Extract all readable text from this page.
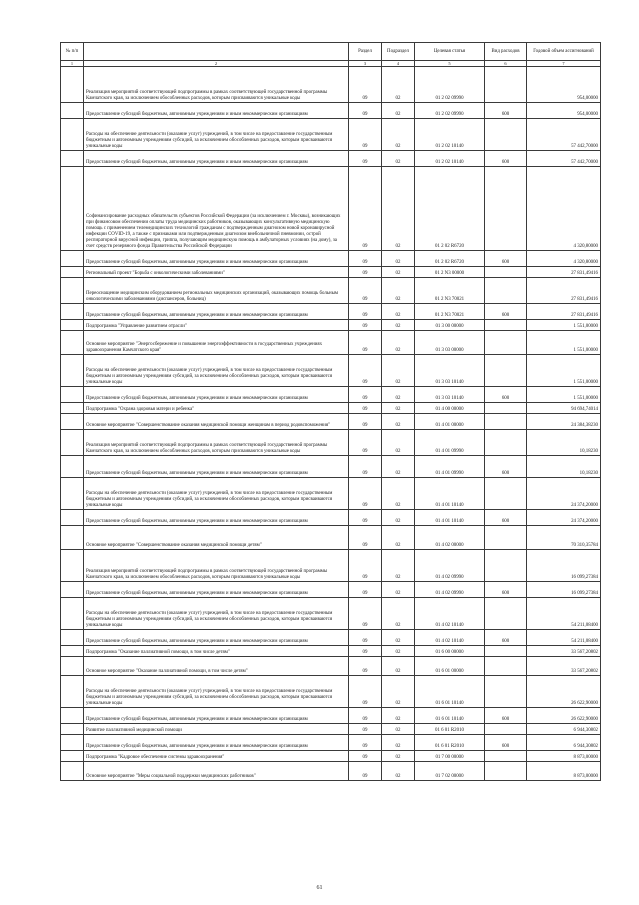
№ п/п		Раздел	Подраздел	Целевая статья	Вид расходов	Годовой объем ассигнований
1	2	3	4	5	6	7
	Реализация мероприятий соответствующей подпрограммы в рамках соответствующей государственной программы Камчатского края, за исключением обособленных расходов, которым присваиваются уникальные коды	09	02	01 2 02 09990		954,00000
	Предоставление субсидий бюджетным, автономным учреждениям и иным некоммерческим организациям	09	02	01 2 02 09990	600	954,00000
	Расходы на обеспечение деятельности (оказание услуг) учреждений, в том числе на предоставление государственным бюджетным и автономным учреждениям субсидий, за исключением обособленных расходов, которым присваиваются уникальные коды	09	02	01 2 02 10140		57 442,70000
	Предоставление субсидий бюджетным, автономным учреждениям и иным некоммерческим организациям	09	02	01 2 02 10140	600	57 442,70000
	Софинансирование расходных обязательств субъектов Российской Федерации (за исключением г. Москвы), возникающих при финансовом обеспечении оплаты труда медицинских работников, оказывающих консультативную медицинскую помощь с применением телемедицинских технологий гражданам с подтвержденным диагнозом новой коронавирусной инфекции COVID-19, а также с признаками или подтвержденным диагнозом внебольничной пневмонии, острой респираторной вирусной инфекции, гриппа, получающим медицинскую помощь в амбулаторных условиях (на дому), за счет средств резервного фонда Правительства Российской Федерации	09	02	01 2 02 R6720		4 320,80000
	Предоставление субсидий бюджетным, автономным учреждениям и иным некоммерческим организациям	09	02	01 2 02 R6720	600	4 320,80000
	Региональный проект "Борьба с онкологическими заболеваниями"	09	02	01 2 N3 00000		27 831,49416
	Переоснащение медицинским оборудованием региональных медицинских организаций, оказывающих помощь больным онкологическими заболеваниями (диспансеров, больниц)	09	02	01 2 N3 70021		27 831,49416
	Предоставление субсидий бюджетным, автономным учреждениям и иным некоммерческим организациям	09	02	01 2 N3 70021	600	27 831,49416
	Подпрограмма "Управление развитием отрасли"	09	02	01 3 00 00000		1 551,00000
	Основное мероприятие "Энергосбережение и повышение энергоэффективности в государственных учреждениях здравоохранения Камчатского края"	09	02	01 3 03 00000		1 551,00000
	Расходы на обеспечение деятельности (оказание услуг) учреждений, в том числе на предоставление государственным бюджетным и автономным учреждениям субсидий, за исключением обособленных расходов, которым присваиваются уникальные коды	09	02	01 3 03 10140		1 551,00000
	Предоставление субсидий бюджетным, автономным учреждениям и иным некоммерческим организациям	09	02	01 3 03 10140	600	1 551,00000
	Подпрограмма "Охрана здоровья матери и ребенка"	09	02	01 4 00 00000		94 694,74014
	Основное мероприятие "Совершенствование оказания медицинской помощи женщинам в период родовспоможения"	09	02	01 4 01 00000		24 384,38230
	Реализация мероприятий соответствующей подпрограммы в рамках соответствующей государственной программы Камчатского края, за исключением обособленных расходов, которым присваиваются уникальные коды	09	02	01 4 01 09990		10,18230
	Предоставление субсидий бюджетным, автономным учреждениям и иным некоммерческим организациям	09	02	01 4 01 09990	600	10,18230
	Расходы на обеспечение деятельности (оказание услуг) учреждений, в том числе на предоставление государственным бюджетным и автономным учреждениям субсидий, за исключением обособленных расходов, которым присваиваются уникальные коды	09	02	01 4 01 10140		24 374,20000
	Предоставление субсидий бюджетным, автономным учреждениям и иным некоммерческим организациям	09	02	01 4 01 10140	600	24 374,20000
	Основное мероприятие "Совершенствование оказания медицинской помощи детям"	09	02	01 4 02 00000		70 310,35784
	Реализация мероприятий соответствующей подпрограммы в рамках соответствующей государственной программы Камчатского края, за исключением обособленных расходов, которым присваиваются уникальные коды	09	02	01 4 02 09990		16 099,27384
	Предоставление субсидий бюджетным, автономным учреждениям и иным некоммерческим организациям	09	02	01 4 02 09990	600	16 099,27384
	Расходы на обеспечение деятельности (оказание услуг) учреждений, в том числе на предоставление государственным бюджетным и автономным учреждениям субсидий, за исключением обособленных расходов, которым присваиваются уникальные коды	09	02	01 4 02 10140		54 211,08400
	Предоставление субсидий бюджетным, автономным учреждениям и иным некоммерческим организациям	09	02	01 4 02 10140	600	54 211,08400
	Подпрограмма "Оказание паллиативной помощи, в том числе детям"	09	02	01 6 00 00000		33 567,20802
	Основное мероприятие "Оказание паллиативной помощи, в том числе детям"	09	02	01 6 01 00000		33 567,20802
	Расходы на обеспечение деятельности (оказание услуг) учреждений, в том числе на предоставление государственным бюджетным и автономным учреждениям субсидий, за исключением обособленных расходов, которым присваиваются уникальные коды	09	02	01 6 01 10140		26 622,90000
	Предоставление субсидий бюджетным, автономным учреждениям и иным некоммерческим организациям	09	02	01 6 01 10140	600	26 622,90000
	Развитие паллиативной медицинской помощи	09	02	01 6 01 R2010		6 944,30802
	Предоставление субсидий бюджетным, автономным учреждениям и иным некоммерческим организациям	09	02	01 6 01 R2010	600	6 944,30802
	Подпрограмма "Кадровое обеспечение системы здравоохранения"	09	02	01 7 00 00000		8 873,00000
	Основное мероприятие "Меры социальной поддержки медицинских работников"	09	02	01 7 02 00000		8 873,00000
61
